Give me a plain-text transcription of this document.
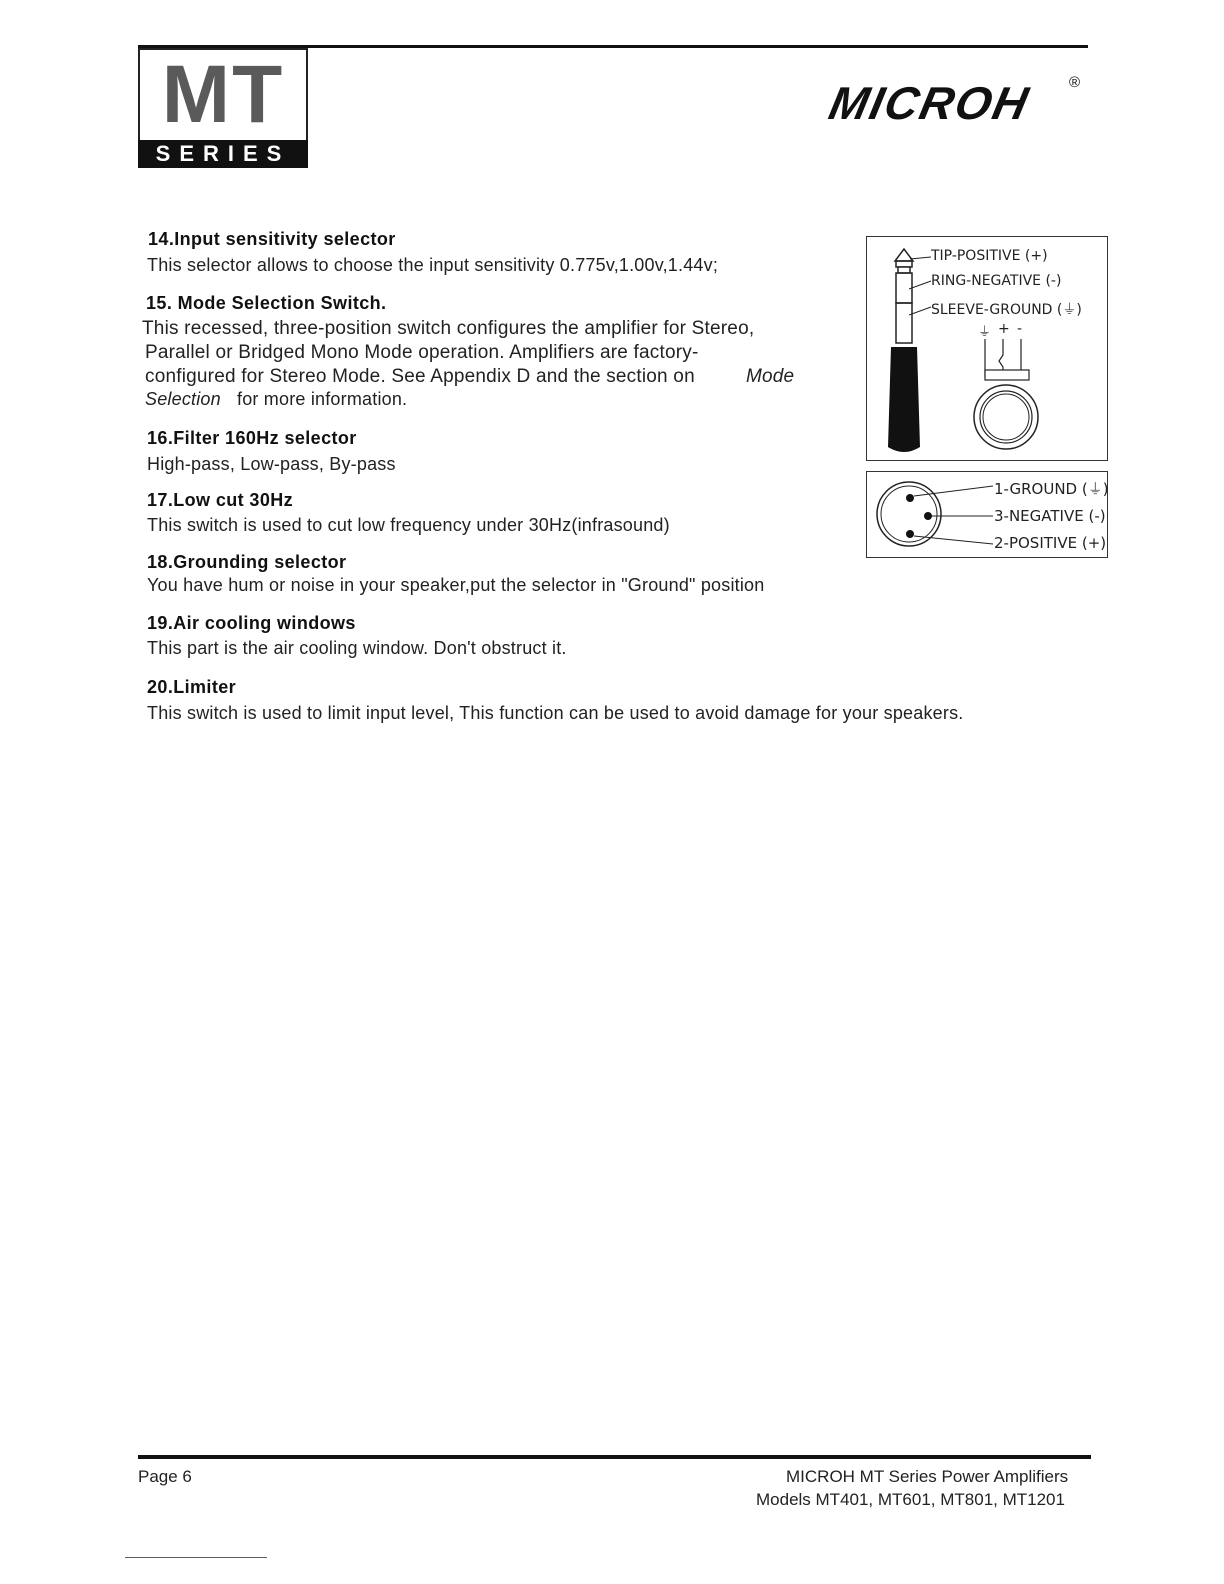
MT
SERIES
MICROH	®
14.Input sensitivity selector
This selector allows to choose the input sensitivity 0.775v,1.00v,1.44v;
15. Mode Selection Switch.
This recessed, three-position switch configures the amplifier for Stereo,
Parallel or Bridged Mono Mode operation. Amplifiers are factory-
configured for Stereo Mode. See Appendix D and the section on	Mode
Selection for more information.
16.Filter 160Hz selector
High-pass, Low-pass, By-pass
17.Low cut 30Hz
This switch is used to cut low frequency under 30Hz(infrasound)
18.Grounding selector
You have hum or noise in your speaker,put the selector in "Ground" position
19.Air cooling windows
This part is the air cooling window. Don't obstruct it.
20.Limiter
This switch is used to limit input level, This function can be used to avoid damage for your speakers.
TIP-POSITIVE (+)
RING-NEGATIVE (-)
SLEEVE-GROUND (⏚)
⏚ + -
1-GROUND (⏚)
3-NEGATIVE (-)
2-POSITIVE (+)
Page 6	MICROH MT Series Power Amplifiers
Models MT401, MT601, MT801, MT1201
